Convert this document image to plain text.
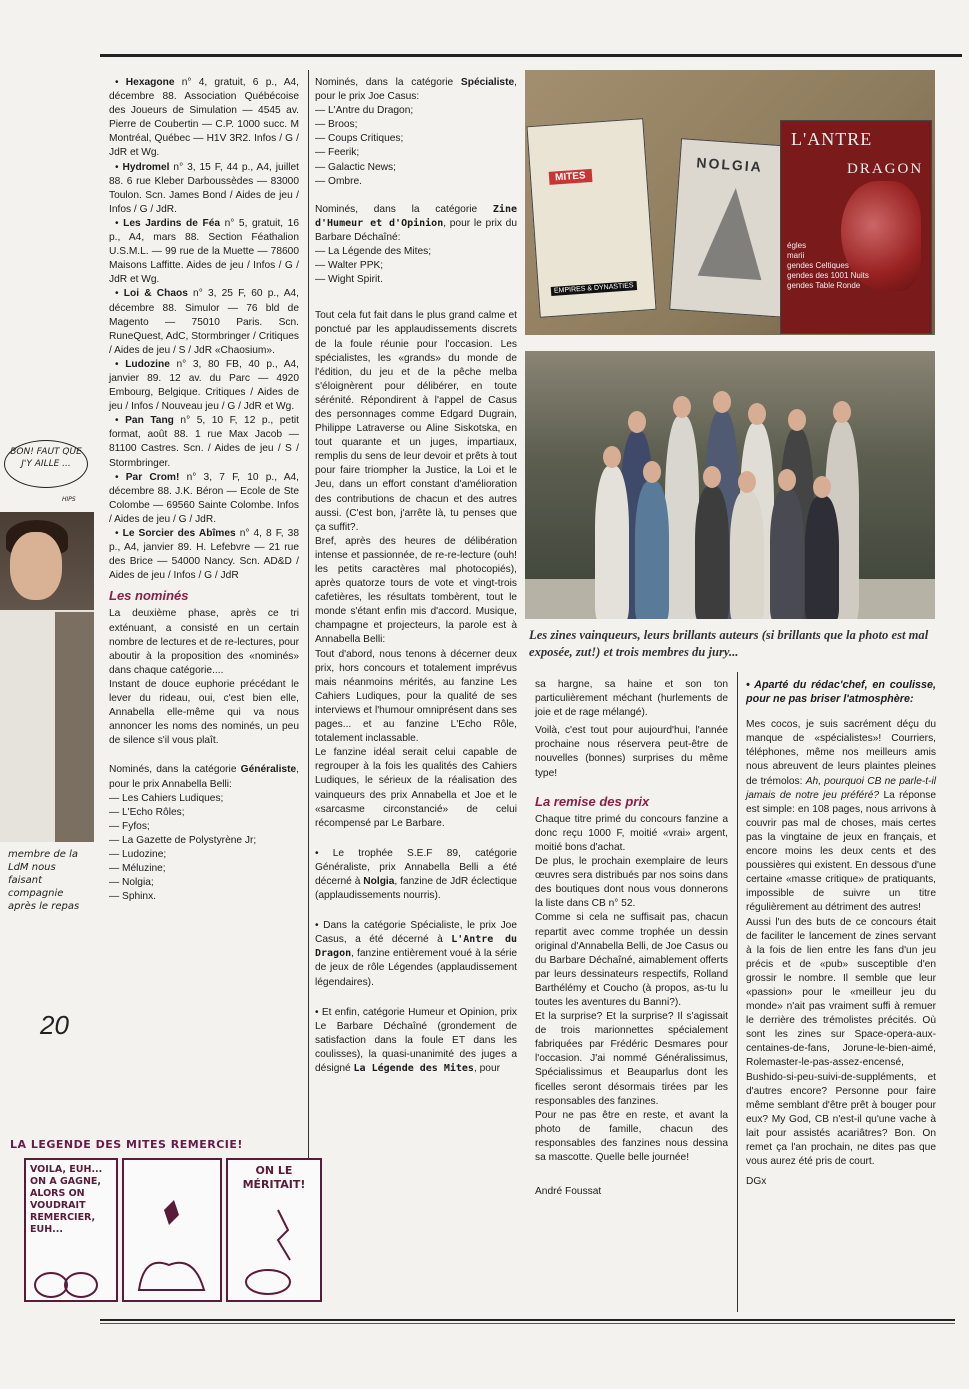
• Hexagone n° 4, gratuit, 6 p., A4, décembre 88. Association Québécoise des Joueurs de Simulation — 4545 av. Pierre de Coubertin — C.P. 1000 succ. M Montréal, Québec — H1V 3R2. Infos / G / JdR et Wg.

• Hydromel n° 3, 15 F, 44 p., A4, juillet 88. 6 rue Kleber Darboussèdes — 83000 Toulon. Scn. James Bond / Aides de jeu / Infos / G / JdR.

• Les Jardins de Féa n° 5, gratuit, 16 p., A4, mars 88. Section Féathalion U.S.M.L. — 99 rue de la Muette — 78600 Maisons Laffitte. Aides de jeu / Infos / G / JdR et Wg.

• Loi & Chaos n° 3, 25 F, 60 p., A4, décembre 88. Simulor — 76 bld de Magento — 75010 Paris. Scn. RuneQuest, AdC, Stormbringer / Critiques / Aides de jeu / S / JdR «Chaosium».

• Ludozine n° 3, 80 FB, 40 p., A4, janvier 89. 12 av. du Parc — 4920 Embourg, Belgique. Critiques / Aides de jeu / Infos / Nouveau jeu / G / JdR et Wg.

• Pan Tang n° 5, 10 F, 12 p., petit format, août 88. 1 rue Max Jacob — 81100 Castres. Scn. / Aides de jeu / S / Stormbringer.

• Par Crom! n° 3, 7 F, 10 p., A4, décembre 88. J.K. Béron — Ecole de Ste Colombe — 69560 Sainte Colombe. Infos / Aides de jeu / G / JdR.

• Le Sorcier des Abîmes n° 4, 8 F, 38 p., A4, janvier 89. H. Lefebvre — 21 rue des Brice — 54000 Nancy. Scn. AD&D / Aides de jeu / Infos / G / JdR

Les nominés

La deuxième phase, après ce tri exténuant, a consisté en un certain nombre de lectures et de re-lectures, pour aboutir à la proposition des «nominés» dans chaque catégorie....

Instant de douce euphorie précédant le lever du rideau, oui, c'est bien elle, Annabella elle-même qui va nous annoncer les noms des nominés, un peu de silence s'il vous plaît.

Nominés, dans la catégorie Généraliste, pour le prix Annabella Belli:

— Les Cahiers Ludiques;
— L'Echo Rôles;
— Fyfos;
— La Gazette de Polystyrène Jr;
— Ludozine;
— Méluzine;
— Nolgia;
— Sphinx.

Nominés, dans la catégorie Spécialiste, pour le prix Joe Casus:

— L'Antre du Dragon;
— Broos;
— Coups Critiques;
— Feerik;
— Galactic News;
— Ombre.

Nominés, dans la catégorie Zine d'Humeur et d'Opinion, pour le prix du Barbare Déchaîné:

— La Légende des Mites;
— Walter PPK;
— Wight Spirit.

Tout cela fut fait dans le plus grand calme et ponctué par les applaudissements discrets de la foule réunie pour l'occasion. Les spécialistes, les «grands» du monde de l'édition, du jeu et de la pêche melba s'éloignèrent pour délibérer, en toute sérénité. Répondirent à l'appel de Casus des personnages comme Edgard Dugrain, Philippe Latraverse ou Aline Siskotska, en tout quarante et un juges, impartiaux, remplis du sens de leur devoir et prêts à tout pour faire triompher la Justice, la Loi et le Jeu, dans un effort constant d'amélioration des contributions de chacun et des autres aussi. (C'est bon, j'arrête là, tu penses que ça suffit?.

Bref, après des heures de délibération intense et passionnée, de re-re-lecture (ouh! les petits caractères mal photocopiés), après quatorze tours de vote et vingt-trois cafetières, les résultats tombèrent, tout le monde s'étant enfin mis d'accord. Musique, champagne et projecteurs, la parole est à Annabella Belli:

Tout d'abord, nous tenons à décerner deux prix, hors concours et totalement imprévus mais néanmoins mérités, au fanzine Les Cahiers Ludiques, pour la qualité de ses interviews et l'humour omniprésent dans ses pages... et au fanzine L'Echo Rôle, totalement inclassable.

Le fanzine idéal serait celui capable de regrouper à la fois les qualités des Cahiers Ludiques, le sérieux de la réalisation des vainqueurs des prix Annabella et Joe et le «sarcasme circonstancié» de celui récompensé par Le Barbare.

• Le trophée S.E.F 89, catégorie Généraliste, prix Annabella Belli a été décerné à Nolgia, fanzine de JdR éclectique (applaudissements nourris).

• Dans la catégorie Spécialiste, le prix Joe Casus, a été décerné à L'Antre du Dragon, fanzine entièrement voué à la série de jeux de rôle Légendes (applaudissement légendaires).

• Et enfin, catégorie Humeur et Opinion, prix Le Barbare Déchaîné (grondement de satisfaction dans la foule ET dans les coulisses), la quasi-unanimité des juges a désigné La Légende des Mites, pour

MITES
EMPIRES & DYNASTIES
NOLGIA
L'ANTRE
DRAGON
égles
marii
gendes Celtiques
gendes des 1001 Nuits
gendes Table Ronde
Les zines vainqueurs, leurs brillants auteurs (si brillants que la photo est mal exposée, zut!) et trois membres du jury...

sa hargne, sa haine et son ton particulièrement méchant (hurlements de joie et de rage mélangé).

Voilà, c'est tout pour aujourd'hui, l'année prochaine nous réservera peut-être de nouvelles (bonnes) surprises du même type!

La remise des prix

Chaque titre primé du concours fanzine a donc reçu 1000 F, moitié «vrai» argent, moitié bons d'achat.

De plus, le prochain exemplaire de leurs œuvres sera distribués par nos soins dans des boutiques dont nous vous donnerons la liste dans CB n° 52.

Comme si cela ne suffisait pas, chacun repartit avec comme trophée un dessin original d'Annabella Belli, de Joe Casus ou du Barbare Déchaîné, aimablement offerts par leurs dessinateurs respectifs, Rolland Barthélémy et Coucho (à propos, as-tu lu toutes les aventures du Banni?).

Et la surprise? Et la surprise? Il s'agissait de trois marionnettes spécialement fabriquées par Frédéric Desmares pour l'occasion. J'ai nommé Généralissimus, Spécialissimus et Beauparlus dont les ficelles seront désormais tirées par les responsables des fanzines.

Pour ne pas être en reste, et avant la photo de famille, chacun des responsables des fanzines nous dessina sa mascotte. Quelle belle journée!

André Foussat

• Aparté du rédac'chef, en coulisse, pour ne pas briser l'atmosphère:

Mes cocos, je suis sacrément déçu du manque de «spécialistes»! Courriers, téléphones, même nos meilleurs amis nous abreuvent de leurs plaintes pleines de trémolos: Ah, pourquoi CB ne parle-t-il jamais de notre jeu préféré? La réponse est simple: en 108 pages, nous arrivons à couvrir pas mal de choses, mais certes pas la vingtaine de jeux en français, et encore moins les deux cents et des poussières qui existent. En dessous d'une certaine «masse critique» de pratiquants, impossible de suivre un titre régulièrement au détriment des autres!

Aussi l'un des buts de ce concours était de faciliter le lancement de zines servant à la fois de lien entre les fans d'un jeu précis et de «pub» susceptible d'en grossir le nombre. Il semble que leur «passion» pour le «meilleur jeu du monde» n'ait pas vraiment suffi à remuer le derrière des trémolistes précités. Où sont les zines sur Space-opera-aux-centaines-de-fans, Jorune-le-bien-aimé, Rolemaster-le-pas-assez-encensé, Bushido-si-peu-suivi-de-suppléments, et d'autres encore? Personne pour faire même semblant d'être prêt à bouger pour eux? My God, CB n'est-il qu'une vache à lait pour assistés acariâtres? Bon. On remet ça l'an prochain, ne dites pas que vous aurez été pris de court.

DGx

BON! FAUT QUE J'Y AILLE ...
HIPS
membre de la LdM nous faisant compagnie après le repas
20
LA LEGENDE DES MITES REMERCIE!
VOILA, EUH... ON A GAGNE, ALORS ON VOUDRAIT REMERCIER, EUH...
ON LE MÉRITAIT!
